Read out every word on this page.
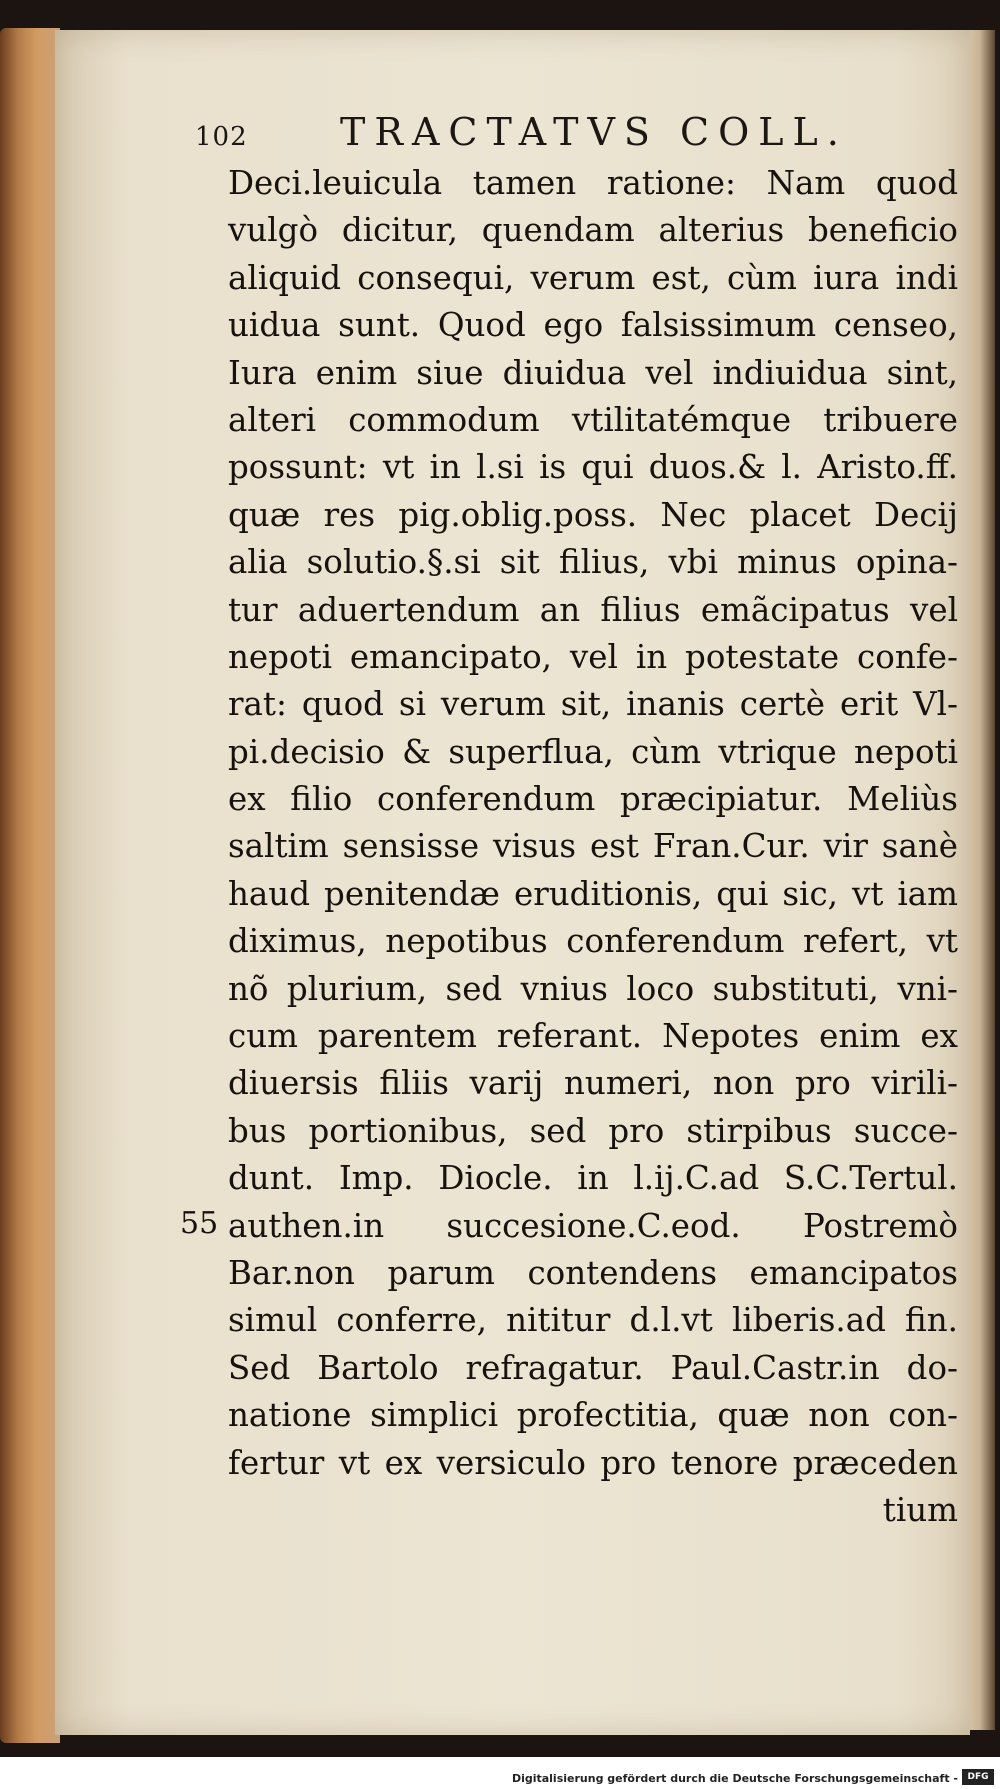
102 TRACTATVS COLL.
55
Deci.leuicula tamen ratione: Nam quod
vulgò dicitur, quendam alterius beneficio
aliquid consequi, verum est, cùm iura indi
uidua sunt. Quod ego falsissimum censeo,
Iura enim siue diuidua vel indiuidua sint,
alteri commodum vtilitatémque tribuere
possunt: vt in l.si is qui duos.& l. Aristo.ff.
quæ res pig.oblig.poss. Nec placet Decij
alia solutio.§.si sit filius, vbi minus opina-
tur aduertendum an filius emãcipatus vel
nepoti emancipato, vel in potestate confe-
rat: quod si verum sit, inanis certè erit Vl-
pi.decisio & superflua, cùm vtrique nepoti
ex filio conferendum præcipiatur. Meliùs
saltim sensisse visus est Fran.Cur. vir sanè
haud penitendæ eruditionis, qui sic, vt iam
diximus, nepotibus conferendum refert, vt
nõ plurium, sed vnius loco substituti, vni-
cum parentem referant. Nepotes enim ex
diuersis filiis varij numeri, non pro virili-
bus portionibus, sed pro stirpibus succe-
dunt. Imp. Diocle. in l.ij.C.ad S.C.Tertul.
authen.in succesione.C.eod. Postremò
Bar.non parum contendens emancipatos
simul conferre, nititur d.l.vt liberis.ad fin.
Sed Bartolo refragatur. Paul.Castr.in do-
natione simplici profectitia, quæ non con-
fertur vt ex versiculo pro tenore præceden
tium
Digitalisierung gefördert durch die Deutsche Forschungsgemeinschaft -	DFG
